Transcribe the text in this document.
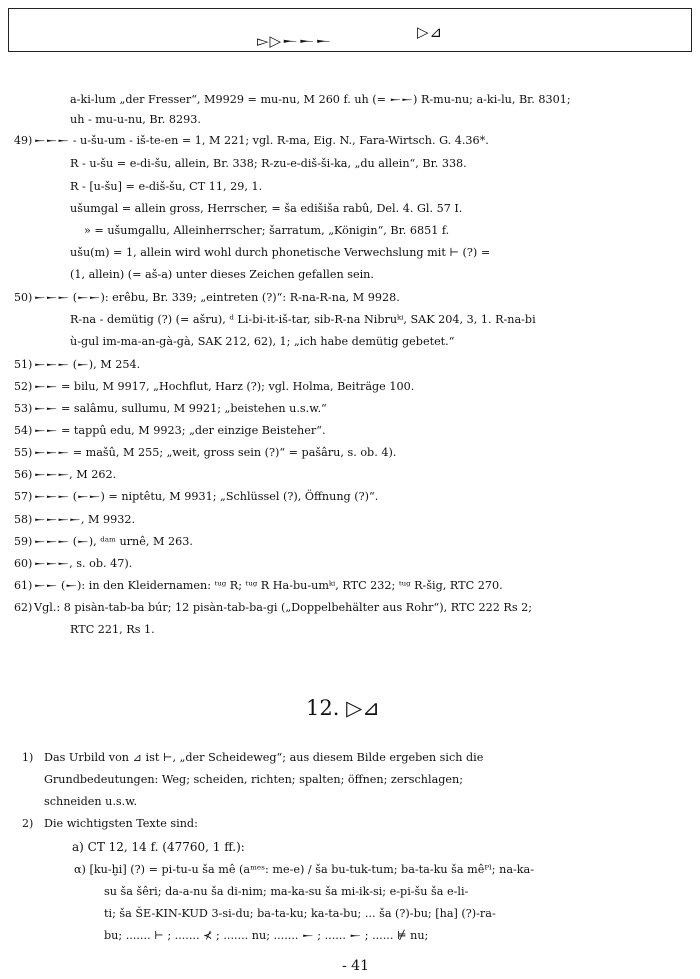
▻▷𒀸𒀸𒀸	▷⊿
a-ki-lum „der Fresser“, M9929 = mu-nu, M 260 f. uh (= 𒀸𒀸) R-mu-nu; a-ki-lu, Br. 8301;
uh - mu-u-nu, Br. 8293.
49) 𒀸𒀸𒀸 - u-šu-um - iš-te-en = 1, M 221; vgl. R-ma, Eig. N., Fara-Wirtsch. G. 4.36*.
R - u-šu = e-di-šu, allein, Br. 338; R-zu-e-diš-ši-ka, „du allein“, Br. 338.
R - [u-šu] = e-diš-šu, CT 11, 29, 1.
ušumgal = allein gross, Herrscher, = ša edišiša rabû, Del. 4. Gl. 57 I.
» = ušumgallu, Alleinherrscher; šarratum, „Königin“, Br. 6851 f.
ušu(m) = 1, allein wird wohl durch phonetische Verwechslung mit ⊢ (?) =
(1, allein) (= aš-a) unter dieses Zeichen gefallen sein.
50) 𒀸𒀸𒀸 (𒀸𒀸): erêbu, Br. 339; „eintreten (?)“: R-na-R-na, M 9928.
R-na - demütig (?) (= ašru), ᵈ Li-bi-it-iš-tar, sib-R-na Nibruᵏⁱ, SAK 204, 3, 1. R-na-bi
ù-gul im-ma-an-gà-gà, SAK 212, 62), 1; „ich habe demütig gebetet.“
51) 𒀸𒀸𒀸 (𒀸), M 254.
52) 𒀸𒀸 = bilu, M 9917, „Hochflut, Harz (?); vgl. Holma, Beiträge 100.
53) 𒀸𒀸 = salâmu, sullumu, M 9921; „beistehen u.s.w.“
54) 𒀸𒀸 = tappû edu, M 9923; „der einzige Beisteher“.
55) 𒀸𒀸𒀸 = mašû, M 255; „weit, gross sein (?)“ = pašâru, s. ob. 4).
56) 𒀸𒀸𒀸, M 262.
57) 𒀸𒀸𒀸 (𒀸𒀸) = niptêtu, M 9931; „Schlüssel (?), Öffnung (?)“.
58) 𒀸𒀸𒀸𒀸, M 9932.
59) 𒀸𒀸𒀸 (𒀸), ᵈᵃᵐ urnê, M 263.
60) 𒀸𒀸𒀸, s. ob. 47).
61) 𒀸𒀸 (𒀸): in den Kleidernamen: ᵗᵘᵍ R; ᵗᵘᵍ R Ha-bu-umᵏⁱ, RTC 232; ᵗᵘᵍ R-šig, RTC 270.
62) Vgl.: 8 pisàn-tab-ba búr; 12 pisàn-tab-ba-gi („Doppelbehälter aus Rohr“), RTC 222 Rs 2;
RTC 221, Rs 1.
12. ▷⊿
1) Das Urbild von ⊿ ist ⊢, „der Scheideweg“; aus diesem Bilde ergeben sich die
Grundbedeutungen: Weg; scheiden, richten; spalten; öffnen; zerschlagen;
schneiden u.s.w.
2) Die wichtigsten Texte sind:
a) CT 12, 14 f. (47760, 1 ff.):
α) [ku-ḫi] (?) = pi-tu-u ša mê (aᵐᵉˢ: me-e) / ša bu-tuk-tum; ba-ta-ku ša mêᴾˡ; na-ka-
su ša šêri; da-a-nu ša di-nim; ma-ka-su ša mi-ik-si; e-pi-šu ša e-li-
ti; ša ŠE-KIN-KUD 3-si-du; ba-ta-ku; ka-ta-bu; ... ša (?)-bu; [ha] (?)-ra-
bu; ....... ⊢ ; ....... ⊀ ; ....... nu; ....... 𒀸 ; ...... 𒀸 ; ...... ⊭ nu;
- 41
